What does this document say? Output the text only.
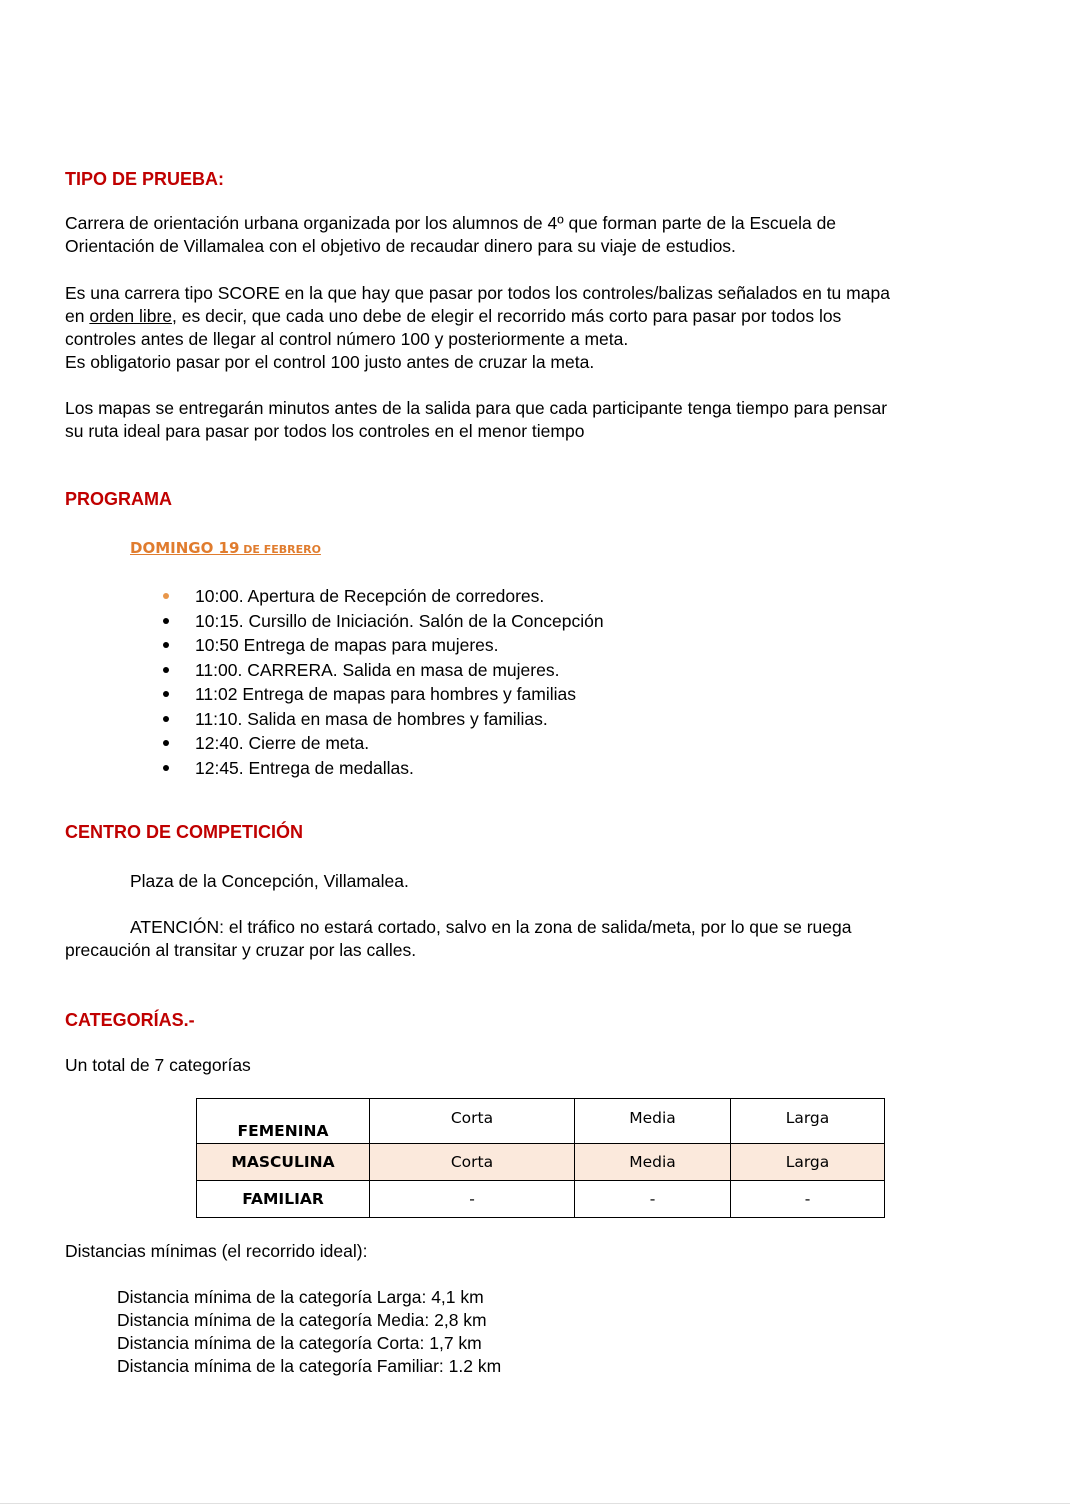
TIPO DE PRUEBA:
Carrera de orientación urbana organizada por los alumnos de 4º que forman parte de la Escuela de
Orientación de Villamalea con el objetivo de recaudar dinero para su viaje de estudios.
Es una carrera tipo SCORE en la que hay que pasar por todos los controles/balizas señalados en tu mapa
en orden libre, es decir, que cada uno debe de elegir el recorrido más corto para pasar por todos los
controles antes de llegar al control número 100 y posteriormente a meta.
Es obligatorio pasar por el control 100 justo antes de cruzar la meta.
Los mapas se entregarán minutos antes de la salida para que cada participante tenga tiempo para pensar
su ruta ideal para pasar por todos los controles en el menor tiempo
PROGRAMA
DOMINGO 19 DE FEBRERO
10:00. Apertura de Recepción de corredores.
10:15. Cursillo de Iniciación. Salón de la Concepción
10:50 Entrega de mapas para mujeres.
11:00. CARRERA. Salida en masa de mujeres.
11:02 Entrega de mapas para hombres y familias
11:10. Salida en masa de hombres y familias.
12:40. Cierre de meta.
12:45. Entrega de medallas.
CENTRO DE COMPETICIÓN
Plaza de la Concepción, Villamalea.
ATENCIÓN: el tráfico no estará cortado, salvo en la zona de salida/meta, por lo que se ruega
precaución al transitar y cruzar por las calles.
CATEGORÍAS.-
Un total de 7 categorías
FEMENINA	Corta	Media	Larga
MASCULINA	Corta	Media	Larga
FAMILIAR	-	-	-
Distancias mínimas (el recorrido ideal):
Distancia mínima de la categoría Larga: 4,1 km
Distancia mínima de la categoría Media: 2,8 km
Distancia mínima de la categoría Corta: 1,7 km
Distancia mínima de la categoría Familiar: 1.2 km
